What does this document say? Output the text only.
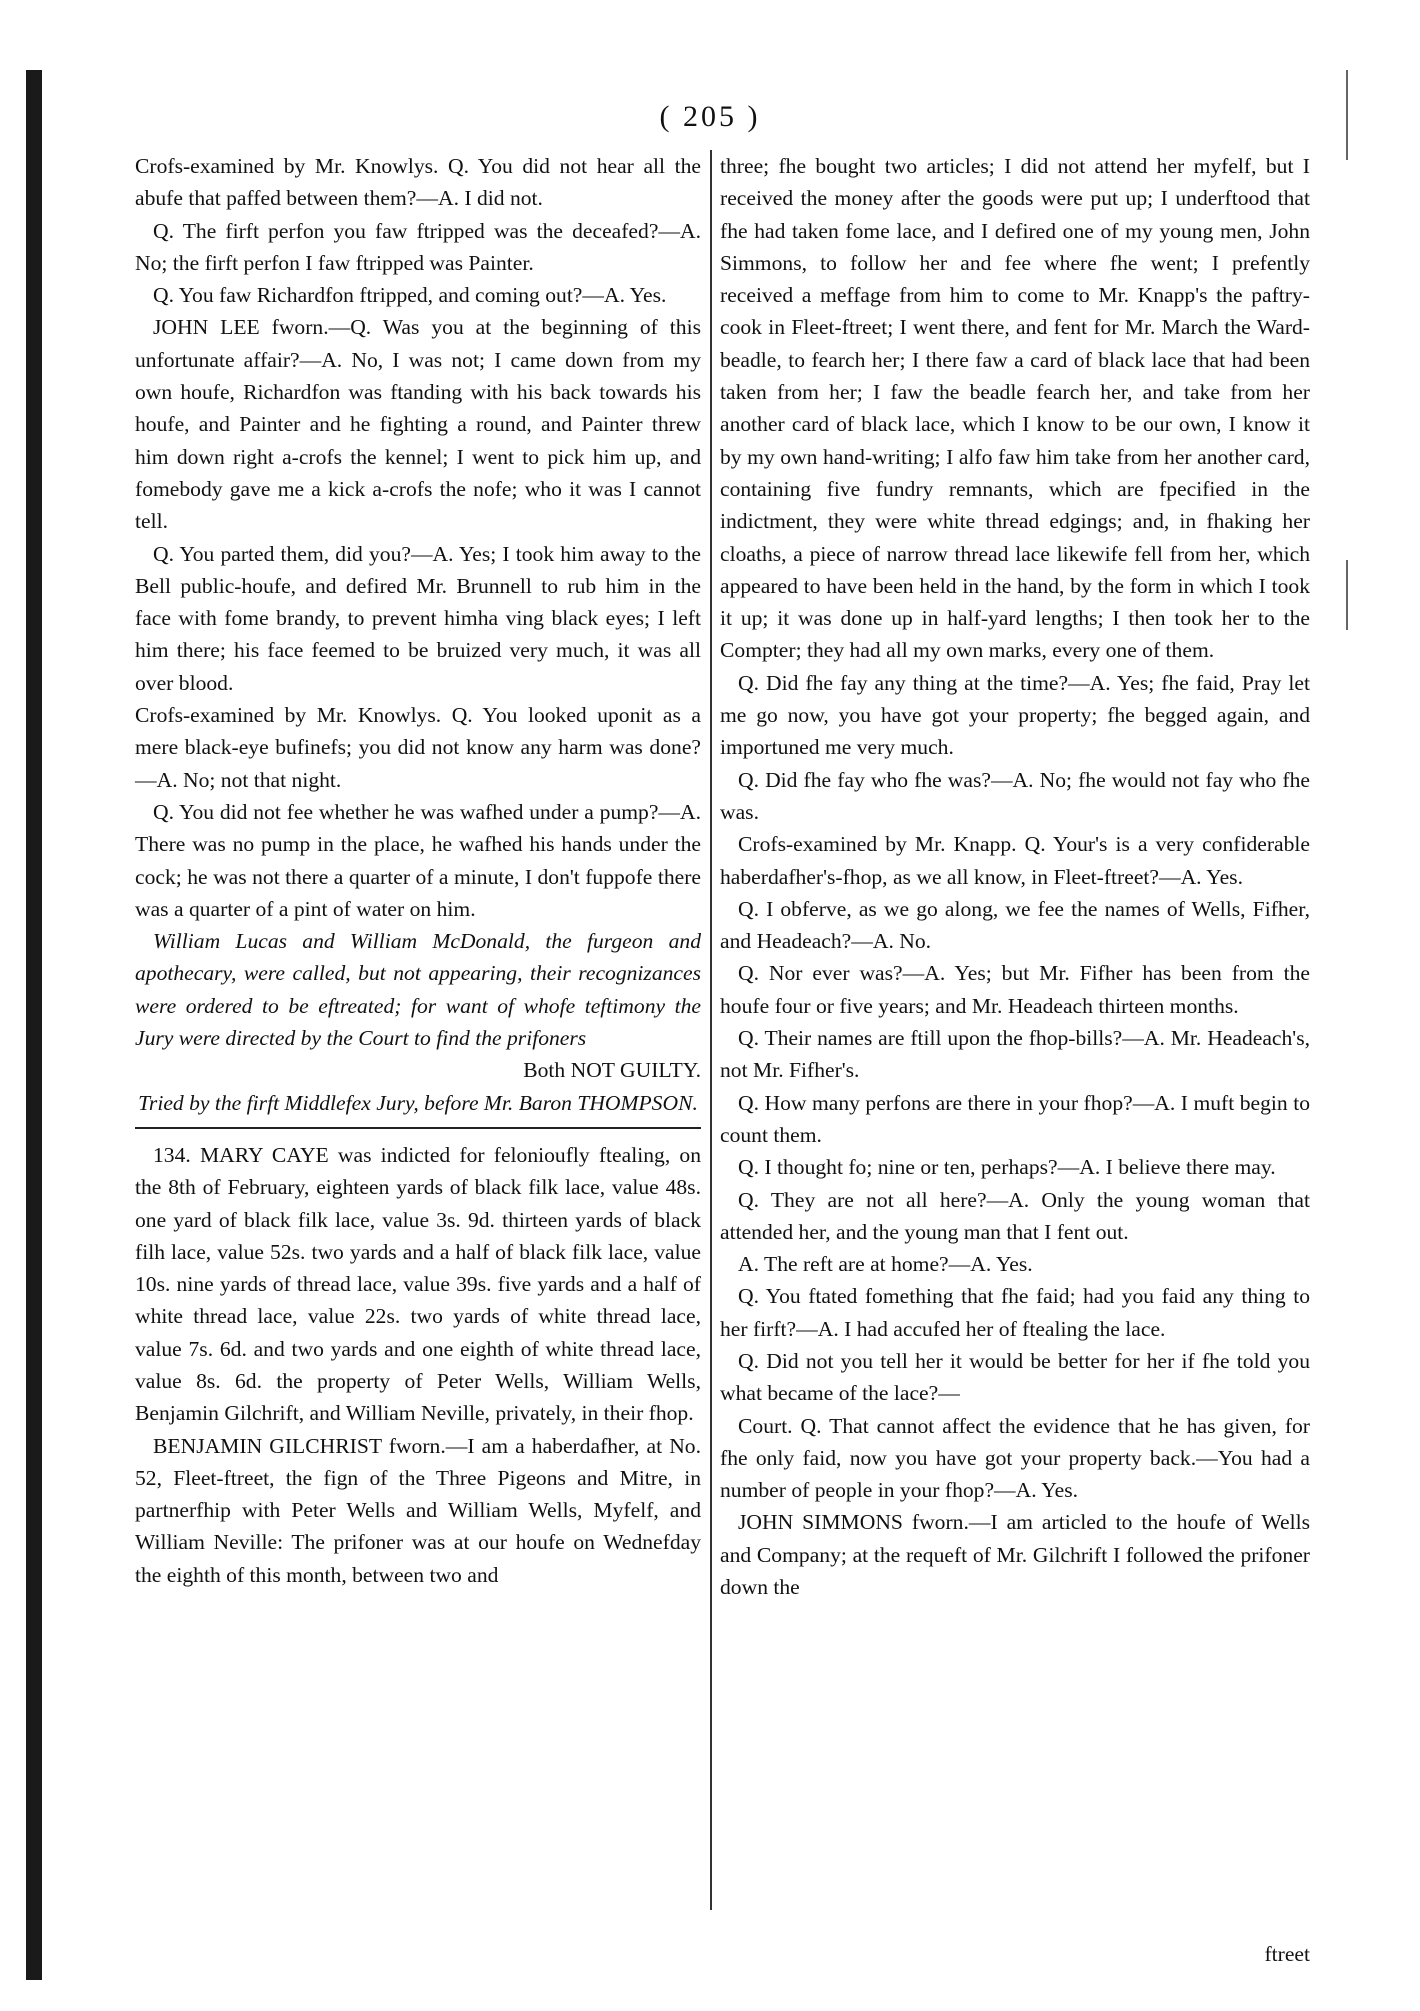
( 205 )

Crofs-examined by Mr. Knowlys. Q. You did not hear all the abufe that paffed between them?—A. I did not.

Q. The firft perfon you faw ftripped was the deceafed?—A. No; the firft perfon I faw ftripped was Painter.

Q. You faw Richardfon ftripped, and coming out?—A. Yes.

JOHN LEE fworn.—Q. Was you at the beginning of this unfortunate affair?—A. No, I was not; I came down from my own houfe, Richardfon was ftanding with his back towards his houfe, and Painter and he fighting a round, and Painter threw him down right a-crofs the kennel; I went to pick him up, and fomebody gave me a kick a-crofs the nofe; who it was I cannot tell.

Q. You parted them, did you?—A. Yes; I took him away to the Bell public-houfe, and defired Mr. Brunnell to rub him in the face with fome brandy, to prevent himha ving black eyes; I left him there; his face feemed to be bruized very much, it was all over blood.

Crofs-examined by Mr. Knowlys. Q. You looked uponit as a mere black-eye bufinefs; you did not know any harm was done?—A. No; not that night.

Q. You did not fee whether he was wafhed under a pump?—A. There was no pump in the place, he wafhed his hands under the cock; he was not there a quarter of a minute, I don't fuppofe there was a quarter of a pint of water on him.

William Lucas and William McDonald, the furgeon and apothecary, were called, but not appearing, their recognizances were ordered to be eftreated; for want of whofe teftimony the Jury were directed by the Court to find the prifoners

Both NOT GUILTY.

Tried by the firft Middlefex Jury, before Mr. Baron THOMPSON.

134. MARY CAYE was indicted for felonioufly ftealing, on the 8th of February, eighteen yards of black filk lace, value 48s. one yard of black filk lace, value 3s. 9d. thirteen yards of black filh lace, value 52s. two yards and a half of black filk lace, value 10s. nine yards of thread lace, value 39s. five yards and a half of white thread lace, value 22s. two yards of white thread lace, value 7s. 6d. and two yards and one eighth of white thread lace, value 8s. 6d. the property of Peter Wells, William Wells, Benjamin Gilchrift, and William Neville, privately, in their fhop.

BENJAMIN GILCHRIST fworn.—I am a haberdafher, at No. 52, Fleet-ftreet, the fign of the Three Pigeons and Mitre, in partnerfhip with Peter Wells and William Wells, Myfelf, and William Neville: The prifoner was at our houfe on Wednefday the eighth of this month, between two and

three; fhe bought two articles; I did not attend her myfelf, but I received the money after the goods were put up; I underftood that fhe had taken fome lace, and I defired one of my young men, John Simmons, to follow her and fee where fhe went; I prefently received a meffage from him to come to Mr. Knapp's the paftry-cook in Fleet-ftreet; I went there, and fent for Mr. March the Ward-beadle, to fearch her; I there faw a card of black lace that had been taken from her; I faw the beadle fearch her, and take from her another card of black lace, which I know to be our own, I know it by my own hand-writing; I alfo faw him take from her another card, containing five fundry remnants, which are fpecified in the indictment, they were white thread edgings; and, in fhaking her cloaths, a piece of narrow thread lace likewife fell from her, which appeared to have been held in the hand, by the form in which I took it up; it was done up in half-yard lengths; I then took her to the Compter; they had all my own marks, every one of them.

Q. Did fhe fay any thing at the time?—A. Yes; fhe faid, Pray let me go now, you have got your property; fhe begged again, and importuned me very much.

Q. Did fhe fay who fhe was?—A. No; fhe would not fay who fhe was.

Crofs-examined by Mr. Knapp. Q. Your's is a very confiderable haberdafher's-fhop, as we all know, in Fleet-ftreet?—A. Yes.

Q. I obferve, as we go along, we fee the names of Wells, Fifher, and Headeach?—A. No.

Q. Nor ever was?—A. Yes; but Mr. Fifher has been from the houfe four or five years; and Mr. Headeach thirteen months.

Q. Their names are ftill upon the fhop-bills?—A. Mr. Headeach's, not Mr. Fifher's.

Q. How many perfons are there in your fhop?—A. I muft begin to count them.

Q. I thought fo; nine or ten, perhaps?—A. I believe there may.

Q. They are not all here?—A. Only the young woman that attended her, and the young man that I fent out.

A. The reft are at home?—A. Yes.

Q. You ftated fomething that fhe faid; had you faid any thing to her firft?—A. I had accufed her of ftealing the lace.

Q. Did not you tell her it would be better for her if fhe told you what became of the lace?—

Court. Q. That cannot affect the evidence that he has given, for fhe only faid, now you have got your property back.—You had a number of people in your fhop?—A. Yes.

JOHN SIMMONS fworn.—I am articled to the houfe of Wells and Company; at the requeft of Mr. Gilchrift I followed the prifoner down the

ftreet
